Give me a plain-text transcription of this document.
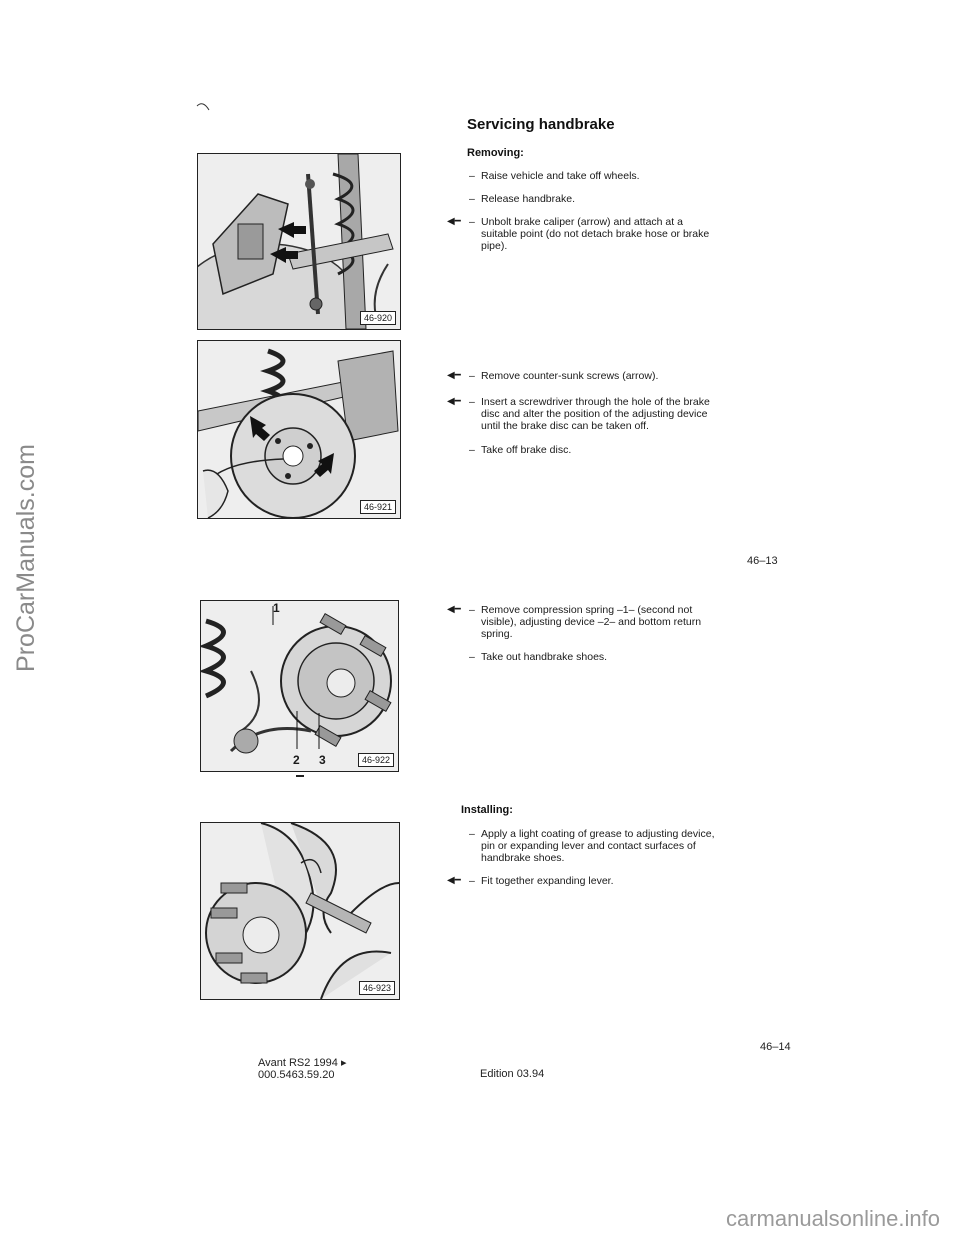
ProCarManuals.com
carmanualsonline.info
Servicing handbrake
Removing:
– Raise vehicle and take off wheels.
– Release handbrake.
◀━ – Unbolt brake caliper (arrow) and attach at a suitable point (do not detach brake hose or brake pipe).
◀━ – Remove counter-sunk screws (arrow).
◀━ – Insert a screwdriver through the hole of the brake disc and alter the position of the adjusting device until the brake disc can be taken off.
– Take off brake disc.
46–13
◀━ – Remove compression spring –1– (second not visible), adjusting device –2– and bottom return spring.
– Take out handbrake shoes.
Installing:
– Apply a light coating of grease to adjusting device, pin or expanding lever and contact surfaces of handbrake shoes.
◀━ – Fit together expanding lever.
46–14
46-920
46-921
1
2 3	46-922
46-923
Avant RS2 1994 ▸
000.5463.59.20	Edition 03.94
